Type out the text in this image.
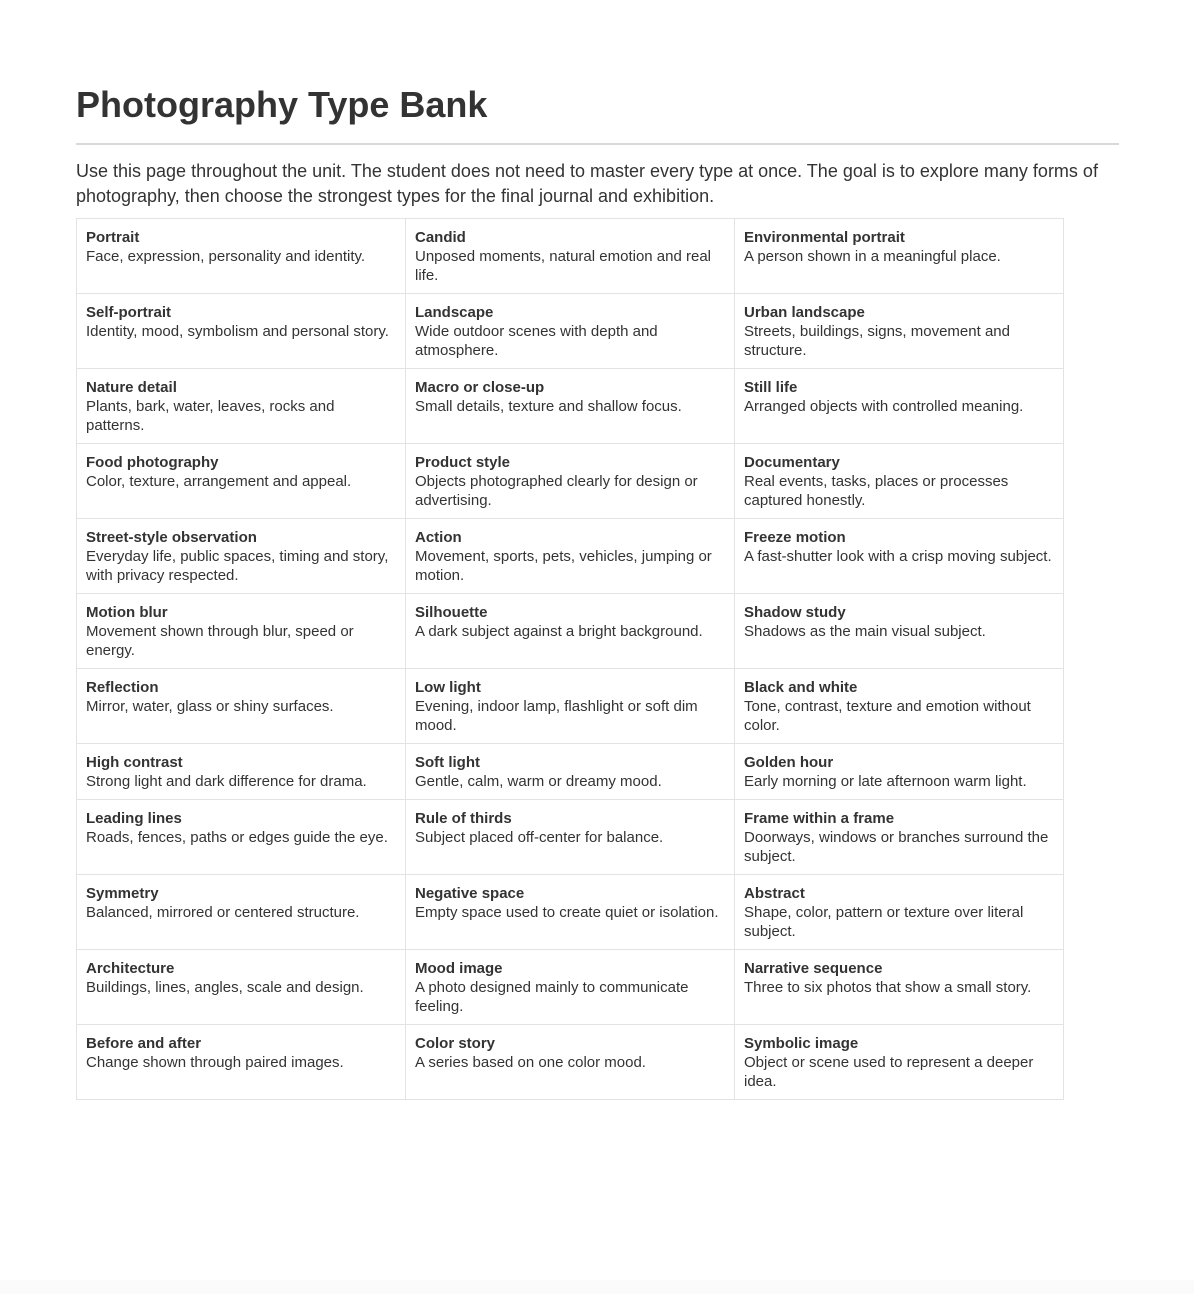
Photography Type Bank

Use this page throughout the unit. The student does not need to master every type at once. The goal is to explore many forms of photography, then choose the strongest types for the final journal and exhibition.

Portrait
Face, expression, personality and identity.	Candid
Unposed moments, natural emotion and real life.	Environmental portrait
A person shown in a meaningful place.

Self-portrait
Identity, mood, symbolism and personal story.	Landscape
Wide outdoor scenes with depth and atmosphere.	Urban landscape
Streets, buildings, signs, movement and structure.

Nature detail
Plants, bark, water, leaves, rocks and patterns.	Macro or close-up
Small details, texture and shallow focus.	Still life
Arranged objects with controlled meaning.

Food photography
Color, texture, arrangement and appeal.	Product style
Objects photographed clearly for design or advertising.	Documentary
Real events, tasks, places or processes captured honestly.

Street-style observation
Everyday life, public spaces, timing and story, with privacy respected.	Action
Movement, sports, pets, vehicles, jumping or motion.	Freeze motion
A fast-shutter look with a crisp moving subject.

Motion blur
Movement shown through blur, speed or energy.	Silhouette
A dark subject against a bright background.	Shadow study
Shadows as the main visual subject.

Reflection
Mirror, water, glass or shiny surfaces.	Low light
Evening, indoor lamp, flashlight or soft dim mood.	Black and white
Tone, contrast, texture and emotion without color.

High contrast
Strong light and dark difference for drama.	Soft light
Gentle, calm, warm or dreamy mood.	Golden hour
Early morning or late afternoon warm light.

Leading lines
Roads, fences, paths or edges guide the eye.	Rule of thirds
Subject placed off-center for balance.	Frame within a frame
Doorways, windows or branches surround the subject.

Symmetry
Balanced, mirrored or centered structure.	Negative space
Empty space used to create quiet or isolation.	Abstract
Shape, color, pattern or texture over literal subject.

Architecture
Buildings, lines, angles, scale and design.	Mood image
A photo designed mainly to communicate feeling.	Narrative sequence
Three to six photos that show a small story.

Before and after
Change shown through paired images.	Color story
A series based on one color mood.	Symbolic image
Object or scene used to represent a deeper idea.
